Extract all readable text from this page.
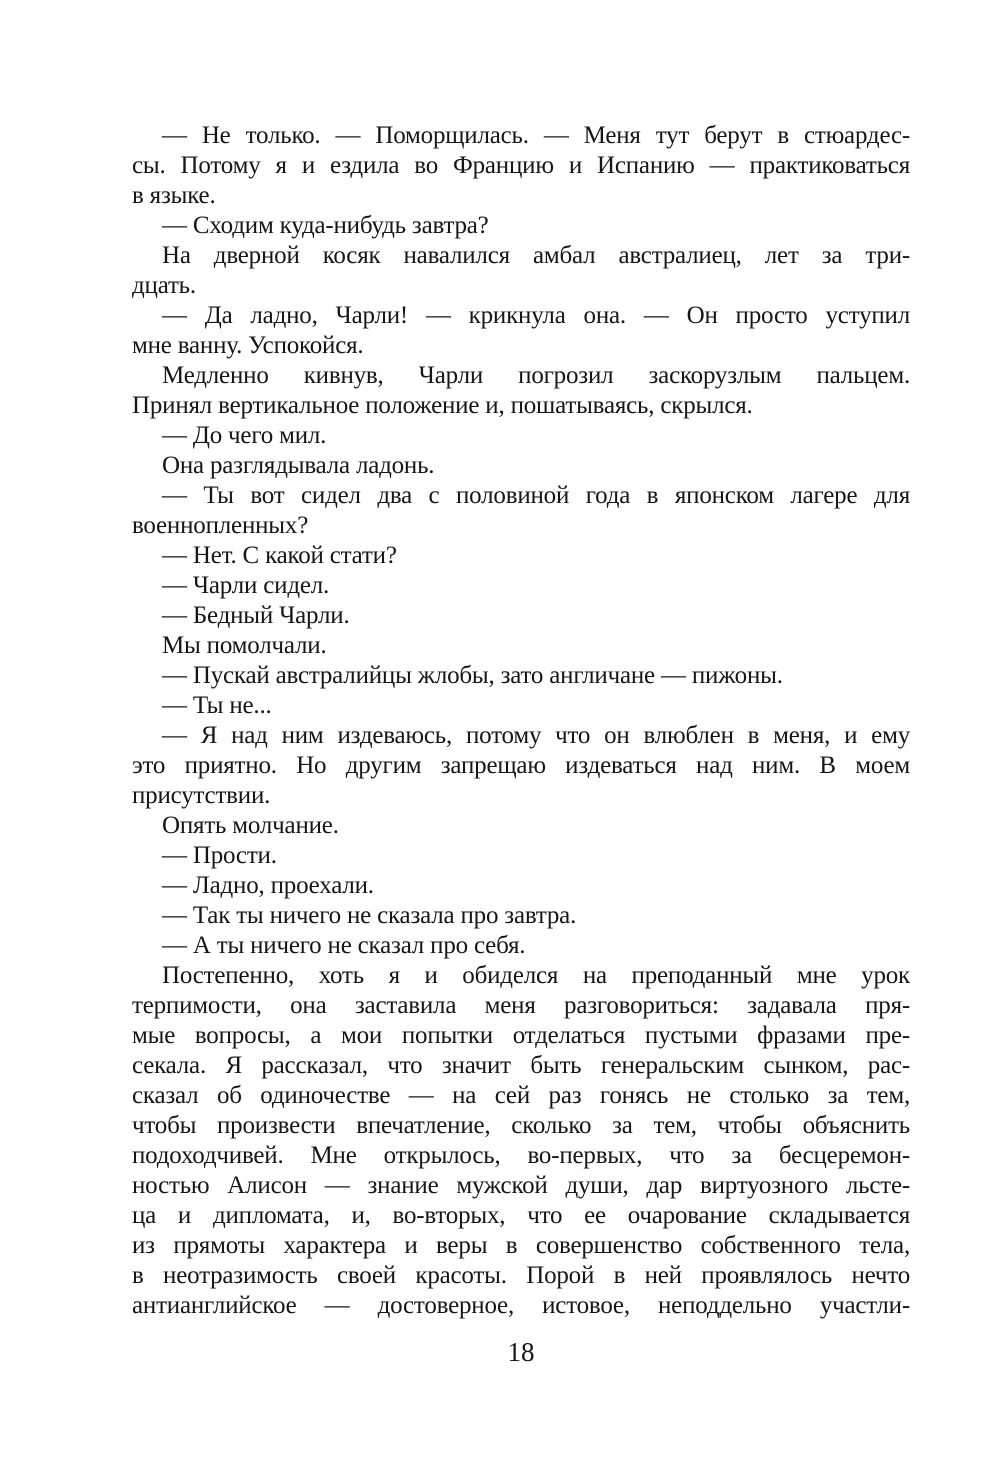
— Не только. — Поморщилась. — Меня тут берут в стюардес-
сы. Потому я и ездила во Францию и Испанию — практиковаться
в языке.
— Сходим куда-нибудь завтра?
На дверной косяк навалился амбал австралиец, лет за три-
дцать.
— Да ладно, Чарли! — крикнула она. — Он просто уступил
мне ванну. Успокойся.
Медленно кивнув, Чарли погрозил заскорузлым пальцем.
Принял вертикальное положение и, пошатываясь, скрылся.
— До чего мил.
Она разглядывала ладонь.
— Ты вот сидел два с половиной года в японском лагере для
военнопленных?
— Нет. С какой стати?
— Чарли сидел.
— Бедный Чарли.
Мы помолчали.
— Пускай австралийцы жлобы, зато англичане — пижоны.
— Ты не...
— Я над ним издеваюсь, потому что он влюблен в меня, и ему
это приятно. Но другим запрещаю издеваться над ним. В моем
присутствии.
Опять молчание.
— Прости.
— Ладно, проехали.
— Так ты ничего не сказала про завтра.
— А ты ничего не сказал про себя.
Постепенно, хоть я и обиделся на преподанный мне урок
терпимости, она заставила меня разговориться: задавала пря-
мые вопросы, а мои попытки отделаться пустыми фразами пре-
секала. Я рассказал, что значит быть генеральским сынком, рас-
сказал об одиночестве — на сей раз гонясь не столько за тем,
чтобы произвести впечатление, сколько за тем, чтобы объяснить
подоходчивей. Мне открылось, во-первых, что за бесцеремон-
ностью Алисон — знание мужской души, дар виртуозного льсте-
ца и дипломата, и, во-вторых, что ее очарование складывается
из прямоты характера и веры в совершенство собственного тела,
в неотразимость своей красоты. Порой в ней проявлялось нечто
антианглийское — достоверное, истовое, неподдельно участли-
18
